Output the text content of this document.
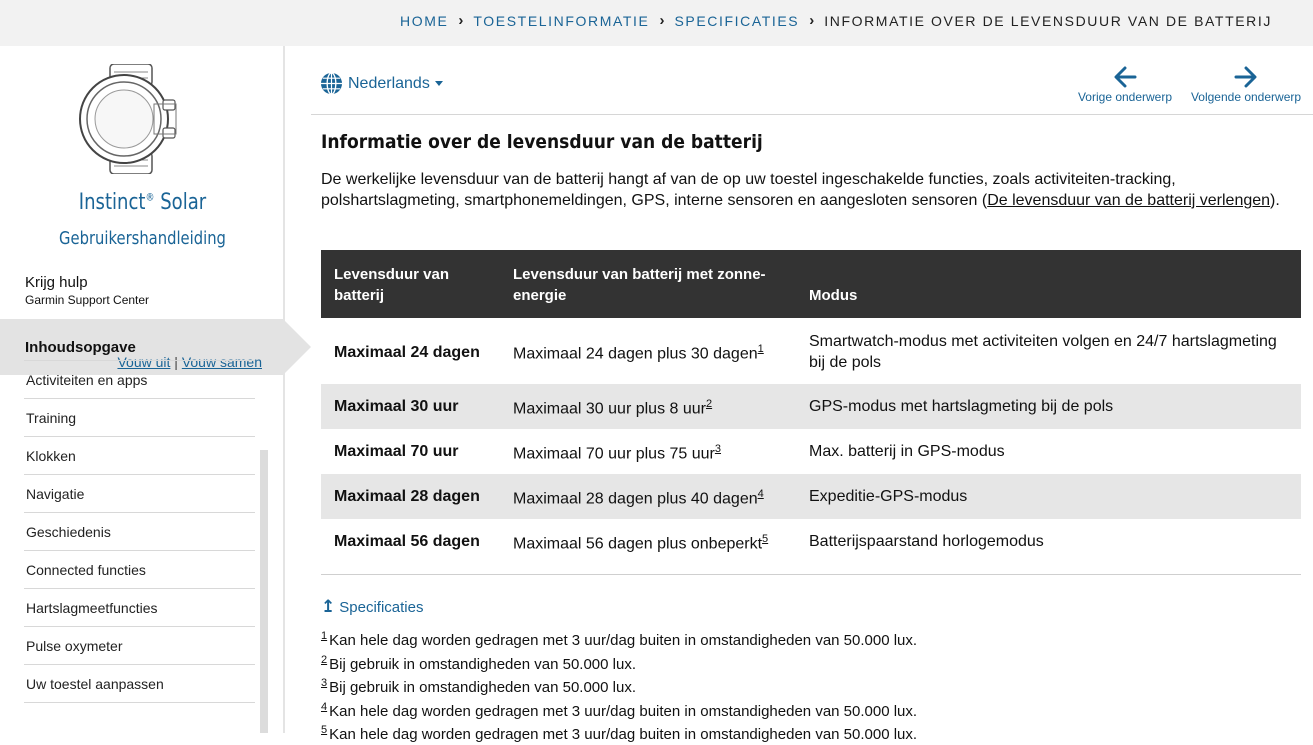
HOME › TOESTELINFORMATIE › SPECIFICATIES › INFORMATIE OVER DE LEVENSDUUR VAN DE BATTERIJ
Instinct® Solar
Gebruikershandleiding
Krijg hulp
Garmin Support Center
Inhoudsopgave
Vouw uit | Vouw samen
Activiteiten en apps
Training
Klokken
Navigatie
Geschiedenis
Connected functies
Hartslagmeetfuncties
Pulse oxymeter
Uw toestel aanpassen
Nederlands
Vorige onderwerp Volgende onderwerp
Informatie over de levensduur van de batterij

De werkelijke levensduur van de batterij hangt af van de op uw toestel ingeschakelde functies, zoals activiteiten-tracking, polshartslagmeting, smartphonemeldingen, GPS, interne sensoren en aangesloten sensoren (De levensduur van de batterij verlengen).

Levensduur van batterij	Levensduur van batterij met zonne-energie	Modus
Maximaal 24 dagen	Maximaal 24 dagen plus 30 dagen$^1$	Smartwatch-modus met activiteiten volgen en 24/7 hartslagmeting bij de pols
Maximaal 30 uur	Maximaal 30 uur plus 8 uur$^2$	GPS-modus met hartslagmeting bij de pols
Maximaal 70 uur	Maximaal 70 uur plus 75 uur$^3$	Max. batterij in GPS-modus
Maximaal 28 dagen	Maximaal 28 dagen plus 40 dagen$^4$	Expeditie-GPS-modus
Maximaal 56 dagen	Maximaal 56 dagen plus onbeperkt$^5$	Batterijspaarstand horlogemodus
↥ Specificaties
$^1$ Kan hele dag worden gedragen met 3 uur/dag buiten in omstandigheden van 50.000 lux.
$^2$ Bij gebruik in omstandigheden van 50.000 lux.
$^3$ Bij gebruik in omstandigheden van 50.000 lux.
$^4$ Kan hele dag worden gedragen met 3 uur/dag buiten in omstandigheden van 50.000 lux.
$^5$ Kan hele dag worden gedragen met 3 uur/dag buiten in omstandigheden van 50.000 lux.
